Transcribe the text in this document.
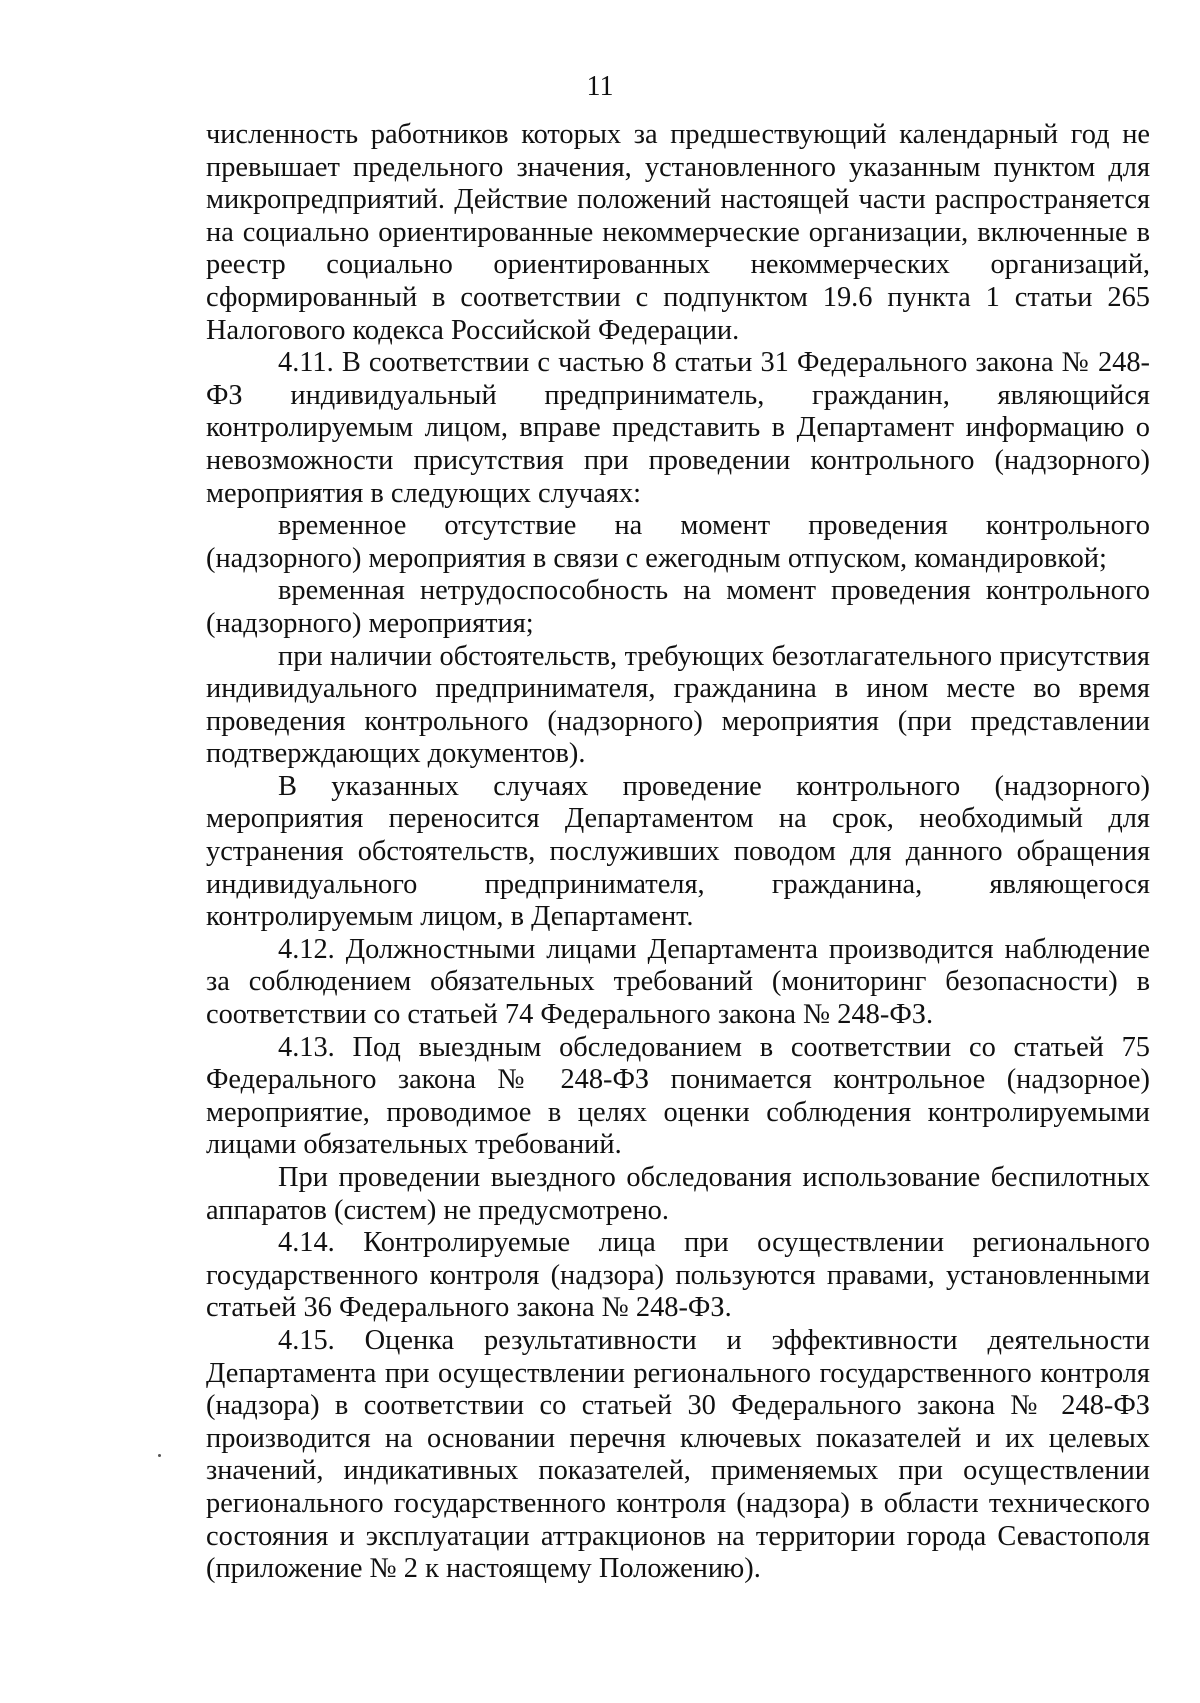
11

численность работников которых за предшествующий календарный год не превышает предельного значения, установленного указанным пунктом для микропредприятий. Действие положений настоящей части распространяется на социально ориентированные некоммерческие организации, включенные в реестр социально ориентированных некоммерческих организаций, сформированный в соответствии с подпунктом 19.6 пункта 1 статьи 265 Налогового кодекса Российской Федерации.

4.11. В соответствии с частью 8 статьи 31 Федерального закона № 248-ФЗ индивидуальный предприниматель, гражданин, являющийся контролируемым лицом, вправе представить в Департамент информацию о невозможности присутствия при проведении контрольного (надзорного) мероприятия в следующих случаях:

временное отсутствие на момент проведения контрольного (надзорного) мероприятия в связи с ежегодным отпуском, командировкой;

временная нетрудоспособность на момент проведения контрольного (надзорного) мероприятия;

при наличии обстоятельств, требующих безотлагательного присутствия индивидуального предпринимателя, гражданина в ином месте во время проведения контрольного (надзорного) мероприятия (при представлении подтверждающих документов).

В указанных случаях проведение контрольного (надзорного) мероприятия переносится Департаментом на срок, необходимый для устранения обстоятельств, послуживших поводом для данного обращения индивидуального предпринимателя, гражданина, являющегося контролируемым лицом, в Департамент.

4.12. Должностными лицами Департамента производится наблюдение за соблюдением обязательных требований (мониторинг безопасности) в соответствии со статьей 74 Федерального закона № 248-ФЗ.

4.13. Под выездным обследованием в соответствии со статьей 75 Федерального закона № 248-ФЗ понимается контрольное (надзорное) мероприятие, проводимое в целях оценки соблюдения контролируемыми лицами обязательных требований.

При проведении выездного обследования использование беспилотных аппаратов (систем) не предусмотрено.

4.14. Контролируемые лица при осуществлении регионального государственного контроля (надзора) пользуются правами, установленными статьей 36 Федерального закона № 248-ФЗ.

4.15. Оценка результативности и эффективности деятельности Департамента при осуществлении регионального государственного контроля (надзора) в соответствии со статьей 30 Федерального закона № 248-ФЗ производится на основании перечня ключевых показателей и их целевых значений, индикативных показателей, применяемых при осуществлении регионального государственного контроля (надзора) в области технического состояния и эксплуатации аттракционов на территории города Севастополя (приложение № 2 к настоящему Положению).
